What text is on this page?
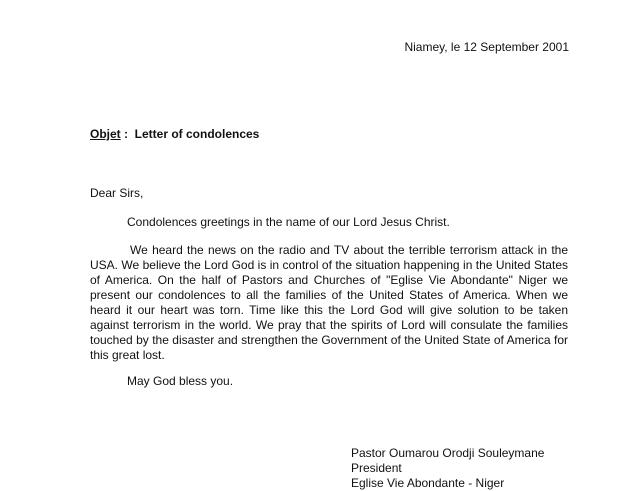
Niamey, le 12 September 2001
Objet :  Letter of condolences
Dear Sirs,
Condolences greetings in the name of our Lord Jesus Christ.

We heard the news on the radio and TV about the terrible terrorism attack in the USA. We believe the Lord God is in control of the situation happening in the United States of America. On the half of Pastors and Churches of "Eglise Vie Abondante" Niger we present our condolences to all the families of the United States of America. When we heard it our heart was torn. Time like this the Lord God will give solution to be taken against terrorism in the world. We pray that the spirits of Lord will consulate the families touched by the disaster and strengthen the Government of the United State of America for this great lost.

May God bless you.
Pastor Oumarou Orodji Souleymane
President
Eglise Vie Abondante - Niger
